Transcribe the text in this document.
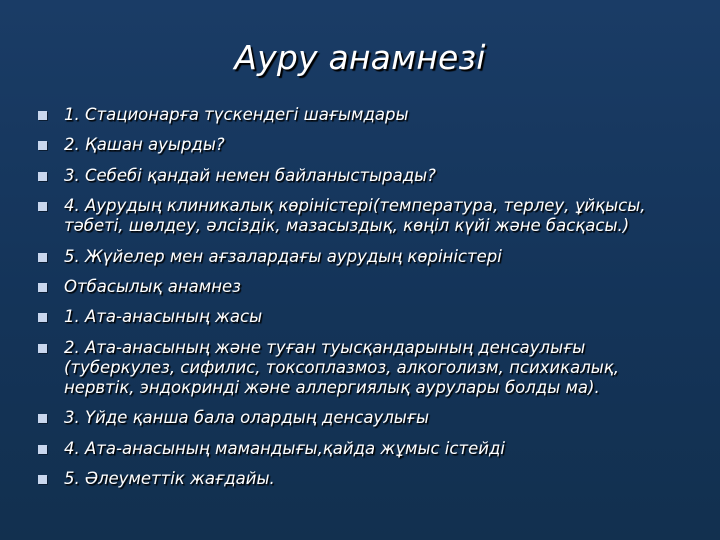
Ауру анамнезі
1. Стационарға түскендегі шағымдары
2. Қашан ауырды?
3. Себебі қандай немен байланыстырады?
4. Аурудың клиникалық көріністері(температура, терлеу, ұйқысы, тәбеті, шөлдеу, әлсіздік, мазасыздық, көңіл күйі және басқасы.)
5. Жүйелер мен ағзалардағы аурудың көріністері
Отбасылық анамнез
1. Ата-анасының жасы
2. Ата-анасының және туған туысқандарының денсаулығы (туберкулез, сифилис, токсоплазмоз, алкоголизм, психикалық, нервтік, эндокринді және аллергиялық аурулары болды ма).
3. Үйде қанша бала олардың денсаулығы
4. Ата-анасының мамандығы,қайда жұмыс істейді
5. Әлеуметтік жағдайы.
